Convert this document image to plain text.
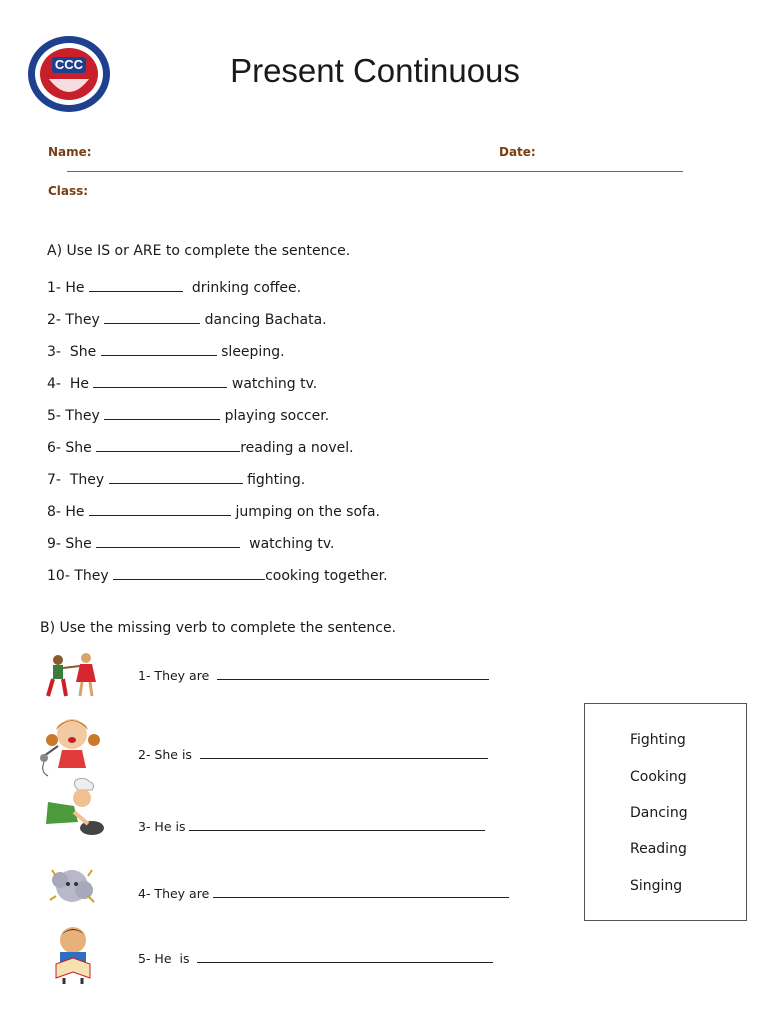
CCC	Present Continuous
Name:	Date:
Class:
A) Use IS or ARE to complete the sentence.
1- He	drinking coffee.
2- They	dancing Bachata.
3-  She	sleeping.
4-  He	watching tv.
5- They	playing soccer.
6- She	reading a novel.
7-  They	fighting.
8- He	jumping on the sofa.
9- She	watching tv.
10- They	cooking together.
B) Use the missing verb to complete the sentence.
1- They are
2- She is
3- He is
4- They are
5- He  is
Fighting
Cooking
Dancing
Reading
Singing
